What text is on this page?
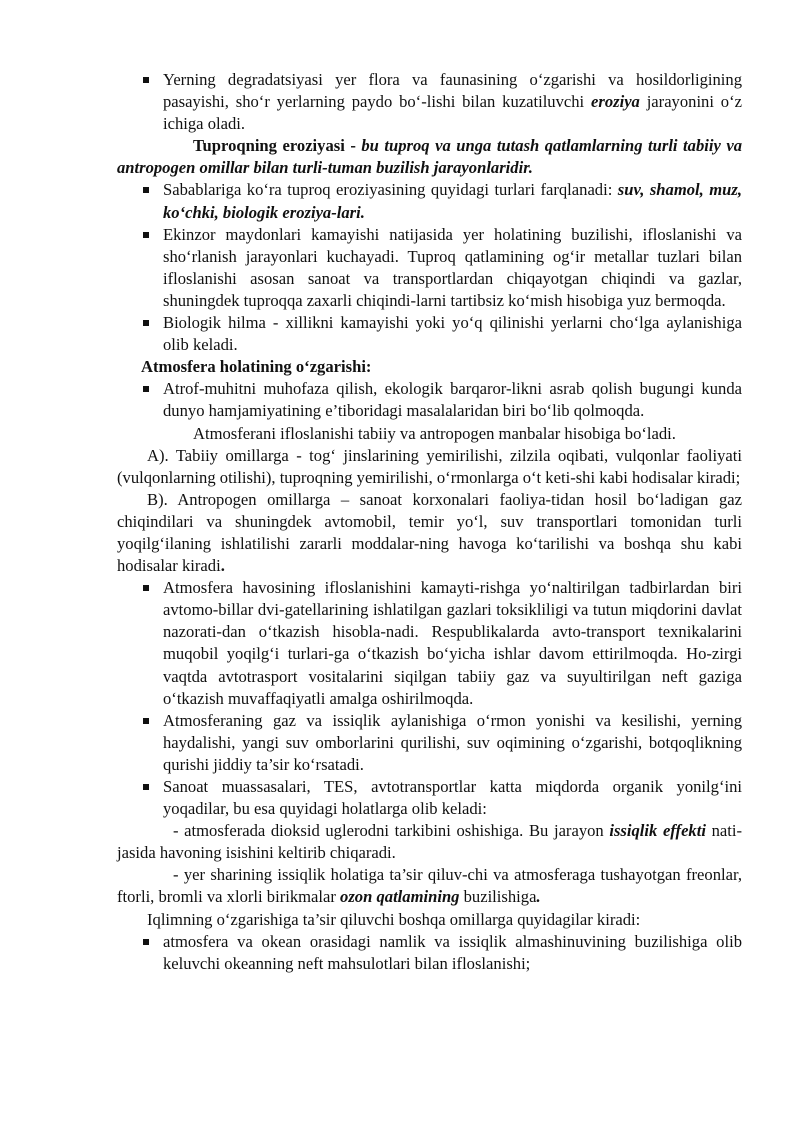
Yerning degradatsiyasi yer flora va faunasining o‘zgarishi va hosildorligining pasayishi, sho‘r yerlarning paydo bo‘-lishi bilan kuzatiluvchi eroziya jarayonini o‘z ichiga oladi.

Tuproqning eroziyasi - bu tuproq va unga tutash qatlamlarning turli tabiiy va antropogen omillar bilan turli-tuman buzilish jarayonlaridir.

Sabablariga ko‘ra tuproq eroziyasining quyidagi turlari farqlanadi: suv, shamol, muz, ko‘chki, biologik eroziya-lari.

Ekinzor maydonlari kamayishi natijasida yer holatining buzilishi, ifloslanishi va sho‘rlanish jarayonlari kuchayadi. Tuproq qatlamining og‘ir metallar tuzlari bilan ifloslanishi asosan sanoat va transportlardan chiqayotgan chiqindi va gazlar, shuningdek tuproqqa zaxarli chiqindi-larni tartibsiz ko‘mish hisobiga yuz bermoqda.

Biologik hilma - xillikni kamayishi yoki yo‘q qilinishi yerlarni cho‘lga aylanishiga olib keladi.

Atmosfera holatining o‘zgarishi:

Atrof-muhitni muhofaza qilish, ekologik barqaror-likni asrab qolish bugungi kunda dunyo hamjamiyatining e’tiboridagi masalalaridan biri bo‘lib qolmoqda.

Atmosferani ifloslanishi tabiiy va antropogen manbalar hisobiga bo‘ladi.

A). Tabiiy omillarga - tog‘ jinslarining yemirilishi, zilzila oqibati, vulqonlar faoliyati (vulqonlarning otilishi), tuproqning yemirilishi, o‘rmonlarga o‘t keti-shi kabi hodisalar kiradi;

B). Antropogen omillarga – sanoat korxonalari faoliya-tidan hosil bo‘ladigan gaz chiqindilari va shuningdek avtomobil, temir yo‘l, suv transportlari tomonidan turli yoqilg‘ilaning ishlatilishi zararli moddalar-ning havoga ko‘tarilishi va boshqa shu kabi hodisalar kiradi.

Atmosfera havosining ifloslanishini kamayti-rishga yo‘naltirilgan tadbirlardan biri avtomo-billar dvi-gatellarining ishlatilgan gazlari toksikliligi va tutun miqdorini davlat nazorati-dan o‘tkazish hisobla-nadi. Respublikalarda avto-transport texnikalarini muqobil yoqilg‘i turlari-ga o‘tkazish bo‘yicha ishlar davom ettirilmoqda. Ho-zirgi vaqtda avtotrasport vositalarini siqilgan tabiiy gaz va suyultirilgan neft gaziga o‘tkazish muvaffaqiyatli amalga oshirilmoqda.

Atmosferaning gaz va issiqlik aylanishiga o‘rmon yonishi va kesilishi, yerning haydalishi, yangi suv omborlarini qurilishi, suv oqimining o‘zgarishi, botqoqlikning qurishi jiddiy ta’sir ko‘rsatadi.

Sanoat muassasalari, TES, avtotransportlar katta miqdorda organik yonilg‘ini yoqadilar, bu esa quyidagi holatlarga olib keladi:

- atmosferada dioksid uglerodni tarkibini oshishiga. Bu jarayon issiqlik effekti nati-jasida havoning isishini keltirib chiqaradi.

- yer sharining issiqlik holatiga ta’sir qiluv-chi va atmosferaga tushayotgan freonlar, ftorli, bromli va xlorli birikmalar ozon qatlamining buzilishiga.

Iqlimning o‘zgarishiga ta’sir qiluvchi boshqa omillarga quyidagilar kiradi:

atmosfera va okean orasidagi namlik va issiqlik almashinuvining buzilishiga olib keluvchi okeanning neft mahsulotlari bilan ifloslanishi;
